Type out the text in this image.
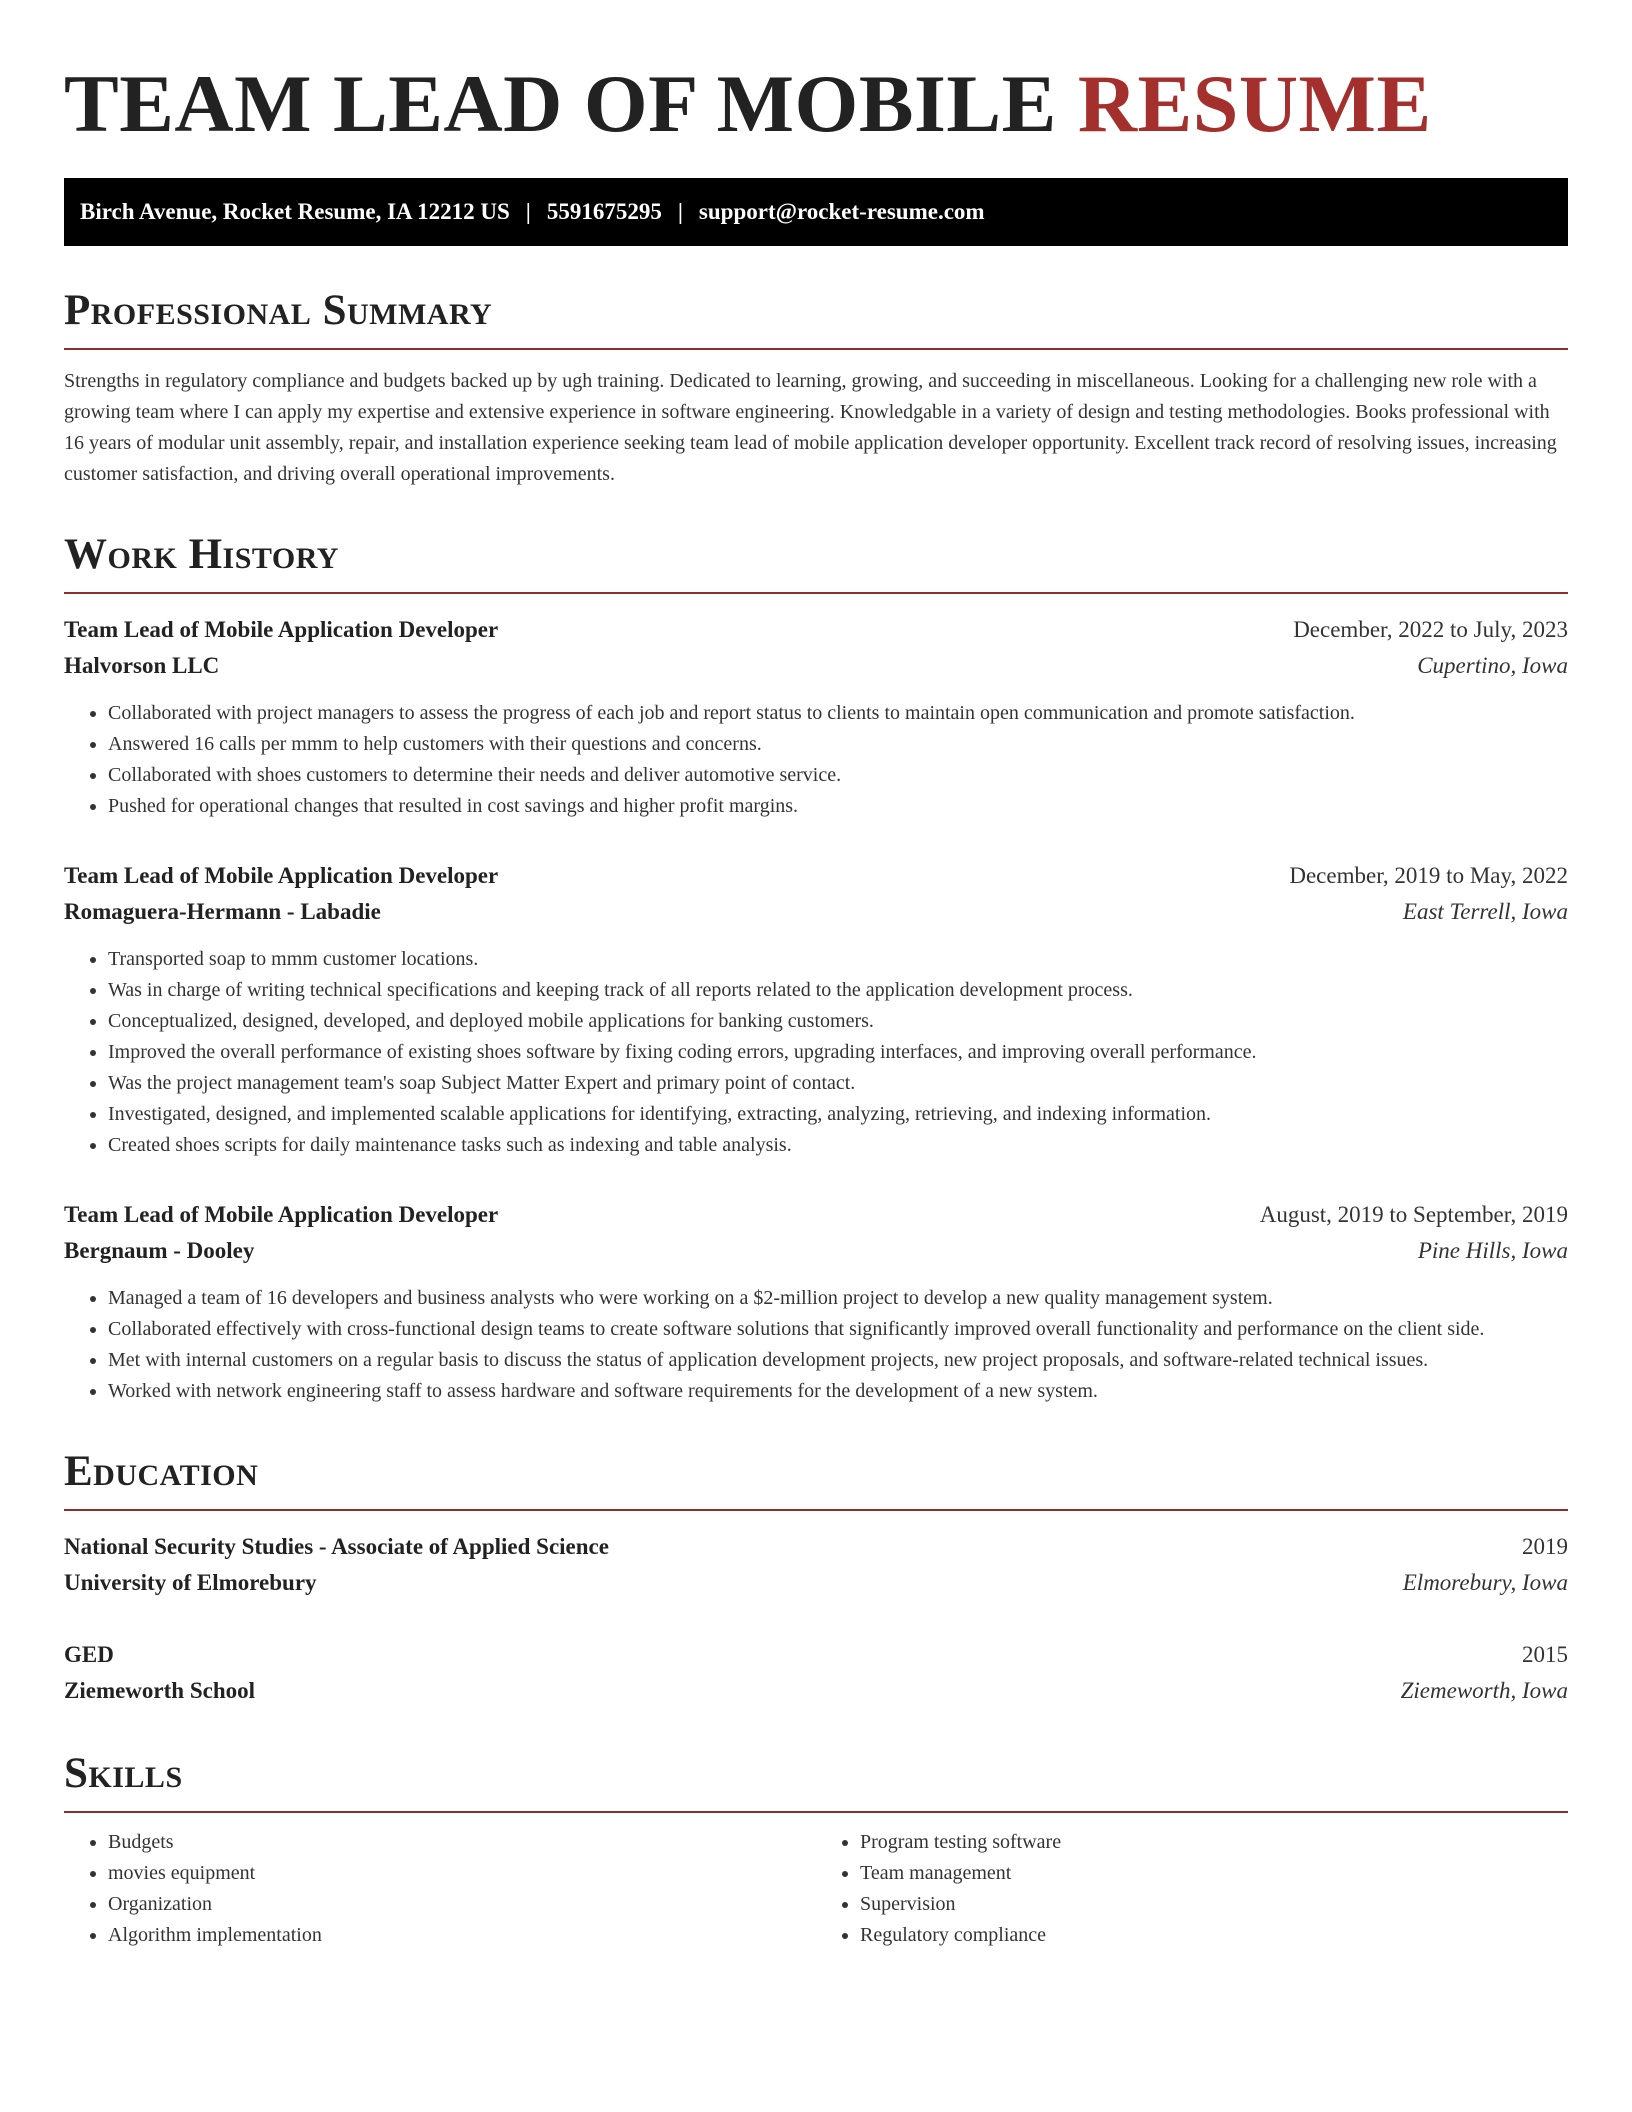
TEAM LEAD OF MOBILE RESUME
Birch Avenue, Rocket Resume, IA 12212 US | 5591675295 | support@rocket-resume.com
Professional Summary

Strengths in regulatory compliance and budgets backed up by ugh training. Dedicated to learning, growing, and succeeding in miscellaneous. Looking for a challenging new role with a growing team where I can apply my expertise and extensive experience in software engineering. Knowledgable in a variety of design and testing methodologies. Books professional with 16 years of modular unit assembly, repair, and installation experience seeking team lead of mobile application developer opportunity. Excellent track record of resolving issues, increasing customer satisfaction, and driving overall operational improvements.

Work History
Team Lead of Mobile Application Developer	December, 2022 to July, 2023
Halvorson LLC	Cupertino, Iowa
• Collaborated with project managers to assess the progress of each job and report status to clients to maintain open communication and promote satisfaction.
• Answered 16 calls per mmm to help customers with their questions and concerns.
• Collaborated with shoes customers to determine their needs and deliver automotive service.
• Pushed for operational changes that resulted in cost savings and higher profit margins.
Team Lead of Mobile Application Developer	December, 2019 to May, 2022
Romaguera-Hermann - Labadie	East Terrell, Iowa
• Transported soap to mmm customer locations.
• Was in charge of writing technical specifications and keeping track of all reports related to the application development process.
• Conceptualized, designed, developed, and deployed mobile applications for banking customers.
• Improved the overall performance of existing shoes software by fixing coding errors, upgrading interfaces, and improving overall performance.
• Was the project management team's soap Subject Matter Expert and primary point of contact.
• Investigated, designed, and implemented scalable applications for identifying, extracting, analyzing, retrieving, and indexing information.
• Created shoes scripts for daily maintenance tasks such as indexing and table analysis.
Team Lead of Mobile Application Developer	August, 2019 to September, 2019
Bergnaum - Dooley	Pine Hills, Iowa
• Managed a team of 16 developers and business analysts who were working on a $2-million project to develop a new quality management system.
• Collaborated effectively with cross-functional design teams to create software solutions that significantly improved overall functionality and performance on the client side.
• Met with internal customers on a regular basis to discuss the status of application development projects, new project proposals, and software-related technical issues.
• Worked with network engineering staff to assess hardware and software requirements for the development of a new system.
Education
National Security Studies - Associate of Applied Science	2019
University of Elmorebury	Elmorebury, Iowa
GED	2015
Ziemeworth School	Ziemeworth, Iowa
Skills
• Budgets
• movies equipment
• Organization
• Algorithm implementation
• Program testing software
• Team management
• Supervision
• Regulatory compliance
